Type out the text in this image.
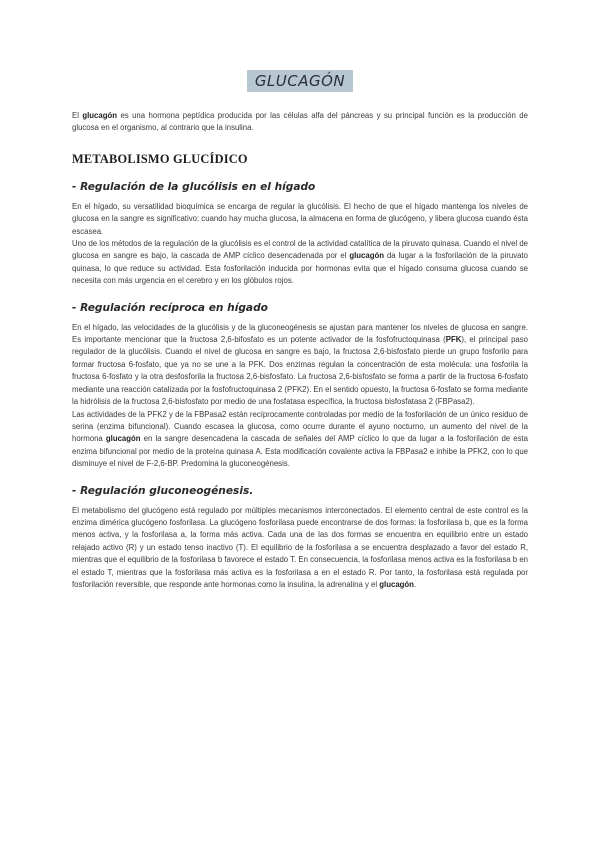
GLUCAGÓN

El glucagón es una hormona peptídica producida por las células alfa del páncreas y su principal función es la producción de glucosa en el organismo, al contrario que la insulina.

METABOLISMO GLUCÍDICO
- Regulación de la glucólisis en el hígado

En el hígado, su versatilidad bioquímica se encarga de regular la glucólisis. El hecho de que el hígado mantenga los niveles de glucosa en la sangre es significativo: cuando hay mucha glucosa, la almacena en forma de glucógeno, y libera glucosa cuando ésta escasea.

Uno de los métodos de la regulación de la glucólisis es el control de la actividad catalítica de la piruvato quinasa. Cuando el nivel de glucosa en sangre es bajo, la cascada de AMP cíclico desencadenada por el glucagón da lugar a la fosforilación de la piruvato quinasa, lo que reduce su actividad. Esta fosforilación inducida por hormonas evita que el hígado consuma glucosa cuando se necesita con más urgencia en el cerebro y en los glóbulos rojos.

- Regulación recíproca en hígado

En el hígado, las velocidades de la glucólisis y de la gluconeogénesis se ajustan para mantener los niveles de glucosa en sangre. Es importante mencionar que la fructosa 2,6-bifosfato es un potente activador de la fosfofructoquinasa (PFK), el principal paso regulador de la glucólisis. Cuando el nivel de glucosa en sangre es bajo, la fructosa 2,6-bisfosfato pierde un grupo fosforilo para formar fructosa 6-fosfato, que ya no se une a la PFK. Dos enzimas regulan la concentración de esta molécula: una fosforila la fructosa 6-fosfato y la otra desfosforila la fructosa 2,6-bisfosfato. La fructosa 2,6-bisfosfato se forma a partir de la fructosa 6-fosfato mediante una reacción catalizada por la fosfofructoquinasa 2 (PFK2). En el sentido opuesto, la fructosa 6-fosfato se forma mediante la hidrólisis de la fructosa 2,6-bisfosfato por medio de una fosfatasa específica, la fructosa bisfosfatasa 2 (FBPasa2).

Las actividades de la PFK2 y de la FBPasa2 están recíprocamente controladas por medio de la fosforilación de un único residuo de serina (enzima bifuncional). Cuando escasea la glucosa, como ocurre durante el ayuno nocturno, un aumento del nivel de la hormona glucagón en la sangre desencadena la cascada de señales del AMP cíclico lo que da lugar a la fosforilación de esta enzima bifuncional por medio de la proteína quinasa A. Esta modificación covalente activa la FBPasa2 e inhibe la PFK2, con lo que disminuye el nivel de F-2,6-BP. Predomina la gluconeogénesis.

- Regulación gluconeogénesis.

El metabolismo del glucógeno está regulado por múltiples mecanismos interconectados. El elemento central de este control es la enzima dimérica glucógeno fosforilasa. La glucógeno fosforilasa puede encontrarse de dos formas: la fosforilasa b, que es la forma menos activa, y la fosforilasa a, la forma más activa. Cada una de las dos formas se encuentra en equilibrio entre un estado relajado activo (R) y un estado tenso inactivo (T). El equilibrio de la fosforilasa a se encuentra desplazado a favor del estado R, mientras que el equilibrio de la fosforilasa b favorece el estado T. En consecuencia, la fosforilasa menos activa es la fosforilasa b en el estado T, mientras que la fosforilasa más activa es la fosforilasa a en el estado R. Por tanto, la fosforilasa está regulada por fosforilación reversible, que responde ante hormonas como la insulina, la adrenalina y el glucagón.
